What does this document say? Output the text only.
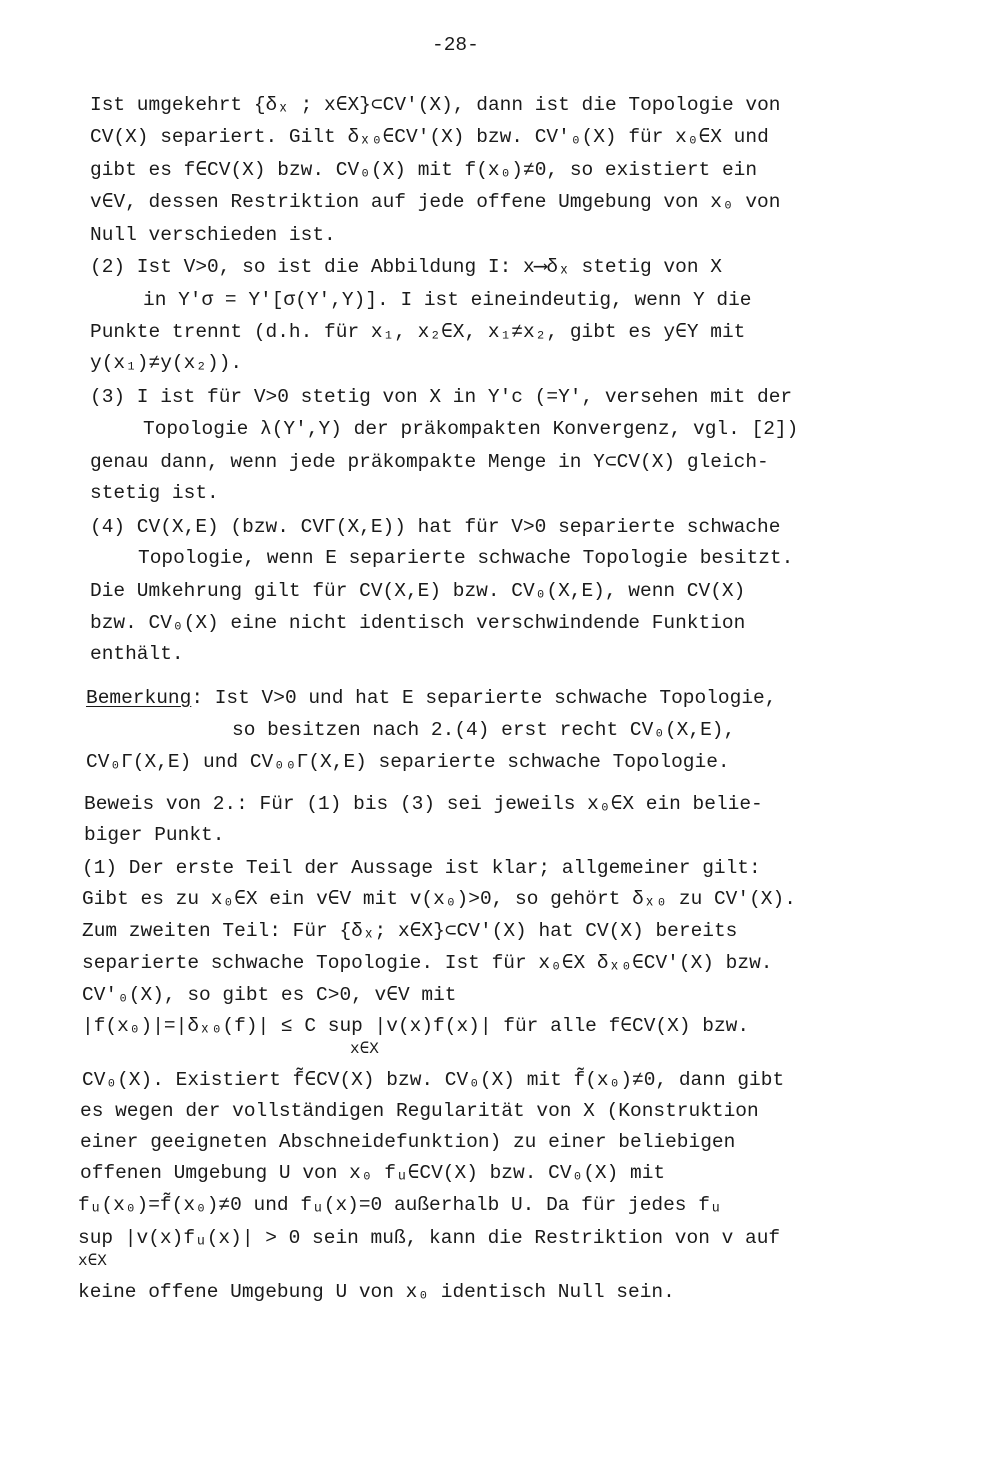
-28-
Ist umgekehrt {δₓ ; x∈X}⊂CV'(X), dann ist die Topologie von
CV(X) separiert. Gilt δₓ₀∈CV'(X) bzw. CV'₀(X) für x₀∈X und
gibt es f∈CV(X) bzw. CV₀(X) mit f(x₀)≠0, so existiert ein
v∈V, dessen Restriktion auf jede offene Umgebung von x₀ von
Null verschieden ist.
(2) Ist V>0, so ist die Abbildung I: x⟶δₓ stetig von X
in Y'σ = Y'[σ(Y',Y)]. I ist eineindeutig, wenn Y die
Punkte trennt (d.h. für x₁, x₂∈X, x₁≠x₂, gibt es y∈Y mit
y(x₁)≠y(x₂)).
(3) I ist für V>0 stetig von X in Y'c (=Y', versehen mit der
Topologie λ(Y',Y) der präkompakten Konvergenz, vgl. [2])
genau dann, wenn jede präkompakte Menge in Y⊂CV(X) gleich-
stetig ist.
(4) CV(X,E) (bzw. CVΓ(X,E)) hat für V>0 separierte schwache
Topologie, wenn E separierte schwache Topologie besitzt.
Die Umkehrung gilt für CV(X,E) bzw. CV₀(X,E), wenn CV(X)
bzw. CV₀(X) eine nicht identisch verschwindende Funktion
enthält.
Bemerkung: Ist V>0 und hat E separierte schwache Topologie,
so besitzen nach 2.(4) erst recht CV₀(X,E),
CV₀Γ(X,E) und CV₀₀Γ(X,E) separierte schwache Topologie.
Beweis von 2.: Für (1) bis (3) sei jeweils x₀∈X ein belie-
biger Punkt.
(1) Der erste Teil der Aussage ist klar; allgemeiner gilt:
Gibt es zu x₀∈X ein v∈V mit v(x₀)>0, so gehört δₓ₀ zu CV'(X).
Zum zweiten Teil: Für {δₓ; x∈X}⊂CV'(X) hat CV(X) bereits
separierte schwache Topologie. Ist für x₀∈X δₓ₀∈CV'(X) bzw.
CV'₀(X), so gibt es C>0, v∈V mit
|f(x₀)|=|δₓ₀(f)| ≤ C sup |v(x)f(x)| für alle f∈CV(X) bzw.
x∈X
CV₀(X). Existiert f̃∈CV(X) bzw. CV₀(X) mit f̃(x₀)≠0, dann gibt
es wegen der vollständigen Regularität von X (Konstruktion
einer geeigneten Abschneidefunktion) zu einer beliebigen
offenen Umgebung U von x₀ fᵤ∈CV(X) bzw. CV₀(X) mit
fᵤ(x₀)=f̃(x₀)≠0 und fᵤ(x)=0 außerhalb U. Da für jedes fᵤ
sup |v(x)fᵤ(x)| > 0 sein muß, kann die Restriktion von v auf
x∈X
keine offene Umgebung U von x₀ identisch Null sein.
